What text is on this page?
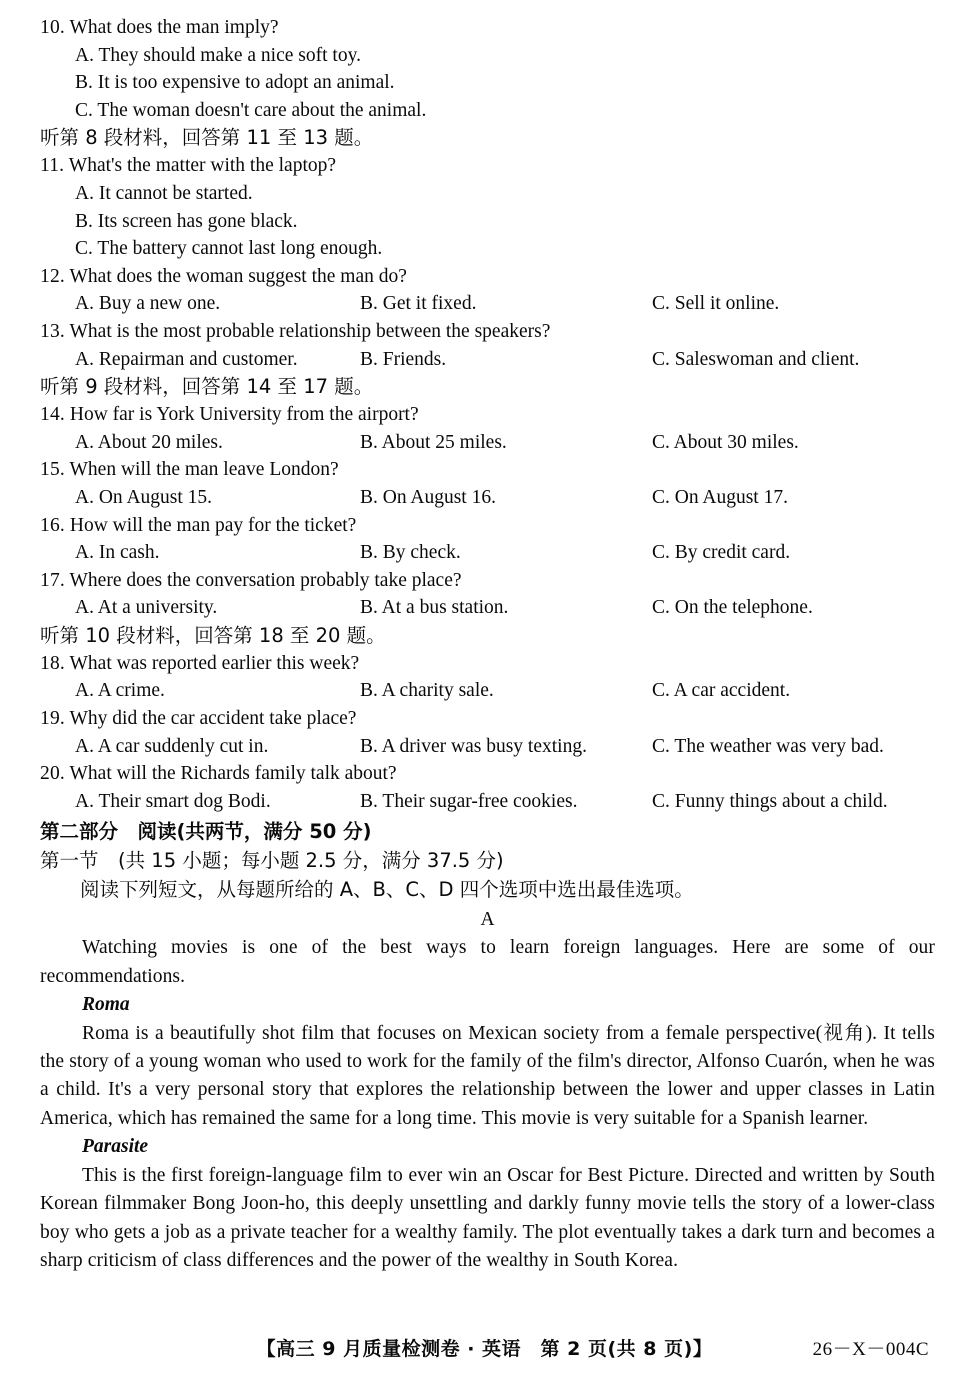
10. What does the man imply?
A. They should make a nice soft toy.
B. It is too expensive to adopt an animal.
C. The woman doesn't care about the animal.
听第 8 段材料，回答第 11 至 13 题。
11. What's the matter with the laptop?
A. It cannot be started.
B. Its screen has gone black.
C. The battery cannot last long enough.
12. What does the woman suggest the man do?
A. Buy a new one.	B. Get it fixed.	C. Sell it online.
13. What is the most probable relationship between the speakers?
A. Repairman and customer.	B. Friends.	C. Saleswoman and client.
听第 9 段材料，回答第 14 至 17 题。
14. How far is York University from the airport?
A. About 20 miles.	B. About 25 miles.	C. About 30 miles.
15. When will the man leave London?
A. On August 15.	B. On August 16.	C. On August 17.
16. How will the man pay for the ticket?
A. In cash.	B. By check.	C. By credit card.
17. Where does the conversation probably take place?
A. At a university.	B. At a bus station.	C. On the telephone.
听第 10 段材料，回答第 18 至 20 题。
18. What was reported earlier this week?
A. A crime.	B. A charity sale.	C. A car accident.
19. Why did the car accident take place?
A. A car suddenly cut in.	B. A driver was busy texting.	C. The weather was very bad.
20. What will the Richards family talk about?
A. Their smart dog Bodi.	B. Their sugar-free cookies.	C. Funny things about a child.
第二部分　阅读(共两节，满分 50 分)
第一节　(共 15 小题；每小题 2.5 分，满分 37.5 分)
阅读下列短文，从每题所给的 A、B、C、D 四个选项中选出最佳选项。
A

Watching movies is one of the best ways to learn foreign languages. Here are some of our recommendations.

Roma

Roma is a beautifully shot film that focuses on Mexican society from a female perspective(视角). It tells the story of a young woman who used to work for the family of the film's director, Alfonso Cuarón, when he was a child. It's a very personal story that explores the relationship between the lower and upper classes in Latin America, which has remained the same for a long time. This movie is very suitable for a Spanish learner.

Parasite

This is the first foreign-language film to ever win an Oscar for Best Picture. Directed and written by South Korean filmmaker Bong Joon-ho, this deeply unsettling and darkly funny movie tells the story of a lower-class boy who gets a job as a private teacher for a wealthy family. The plot eventually takes a dark turn and becomes a sharp criticism of class differences and the power of the wealthy in South Korea.

【高三 9 月质量检测卷 · 英语　第 2 页(共 8 页)】	26－X－004C
